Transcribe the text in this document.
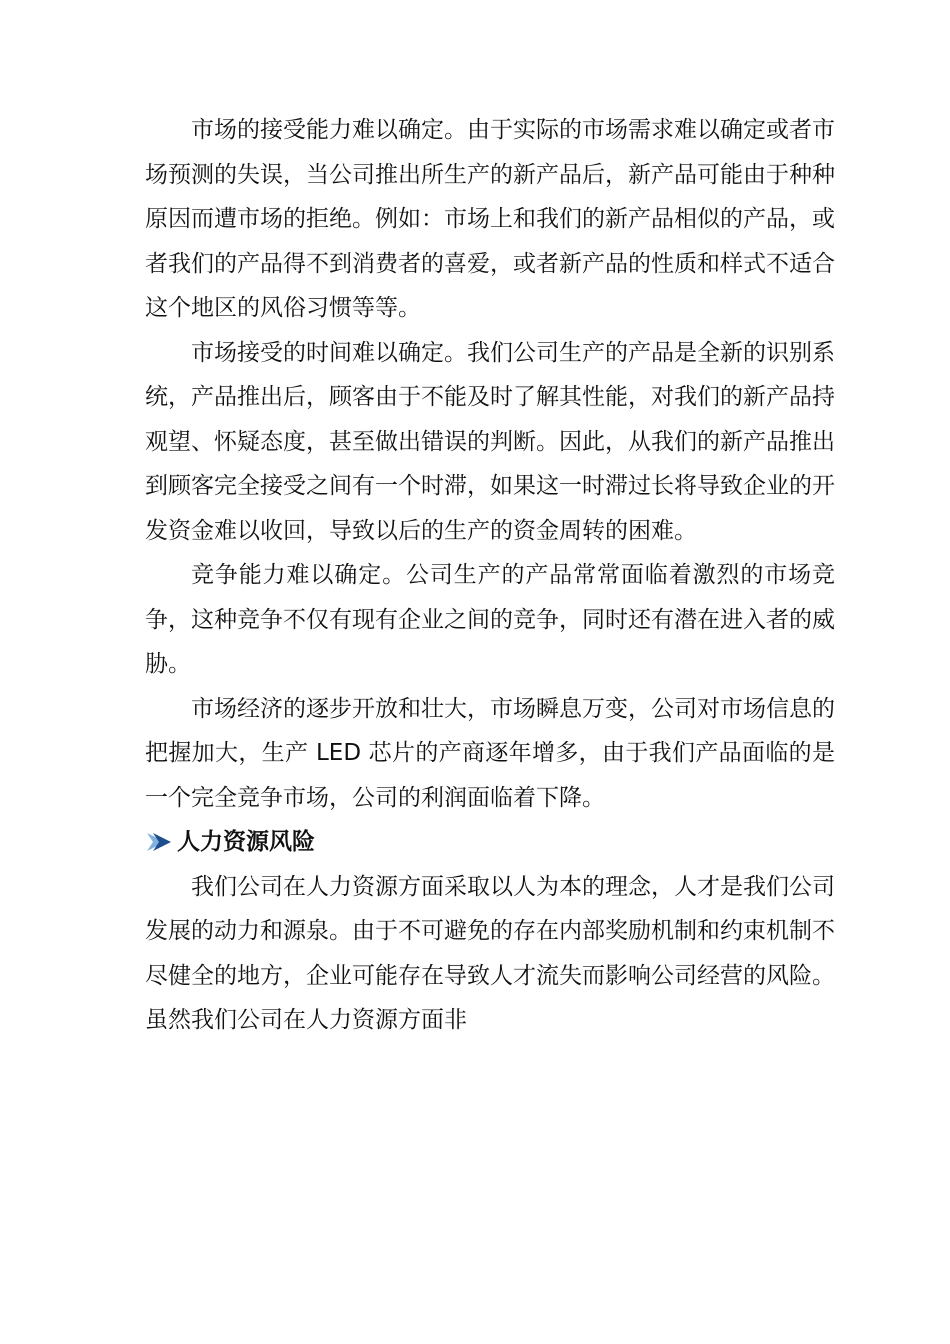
市场的接受能力难以确定。由于实际的市场需求难以确定或者市场预测的失误，当公司推出所生产的新产品后，新产品可能由于种种原因而遭市场的拒绝。例如：市场上和我们的新产品相似的产品，或者我们的产品得不到消费者的喜爱，或者新产品的性质和样式不适合这个地区的风俗习惯等等。

市场接受的时间难以确定。我们公司生产的产品是全新的识别系统，产品推出后，顾客由于不能及时了解其性能，对我们的新产品持观望、怀疑态度，甚至做出错误的判断。因此，从我们的新产品推出到顾客完全接受之间有一个时滞，如果这一时滞过长将导致企业的开发资金难以收回，导致以后的生产的资金周转的困难。

竞争能力难以确定。公司生产的产品常常面临着激烈的市场竞争，这种竞争不仅有现有企业之间的竞争，同时还有潜在进入者的威胁。

市场经济的逐步开放和壮大，市场瞬息万变，公司对市场信息的把握加大，生产 LED 芯片的产商逐年增多，由于我们产品面临的是一个完全竞争市场，公司的利润面临着下降。

人力资源风险

我们公司在人力资源方面采取以人为本的理念，人才是我们公司发展的动力和源泉。由于不可避免的存在内部奖励机制和约束机制不尽健全的地方，企业可能存在导致人才流失而影响公司经营的风险。虽然我们公司在人力资源方面非
